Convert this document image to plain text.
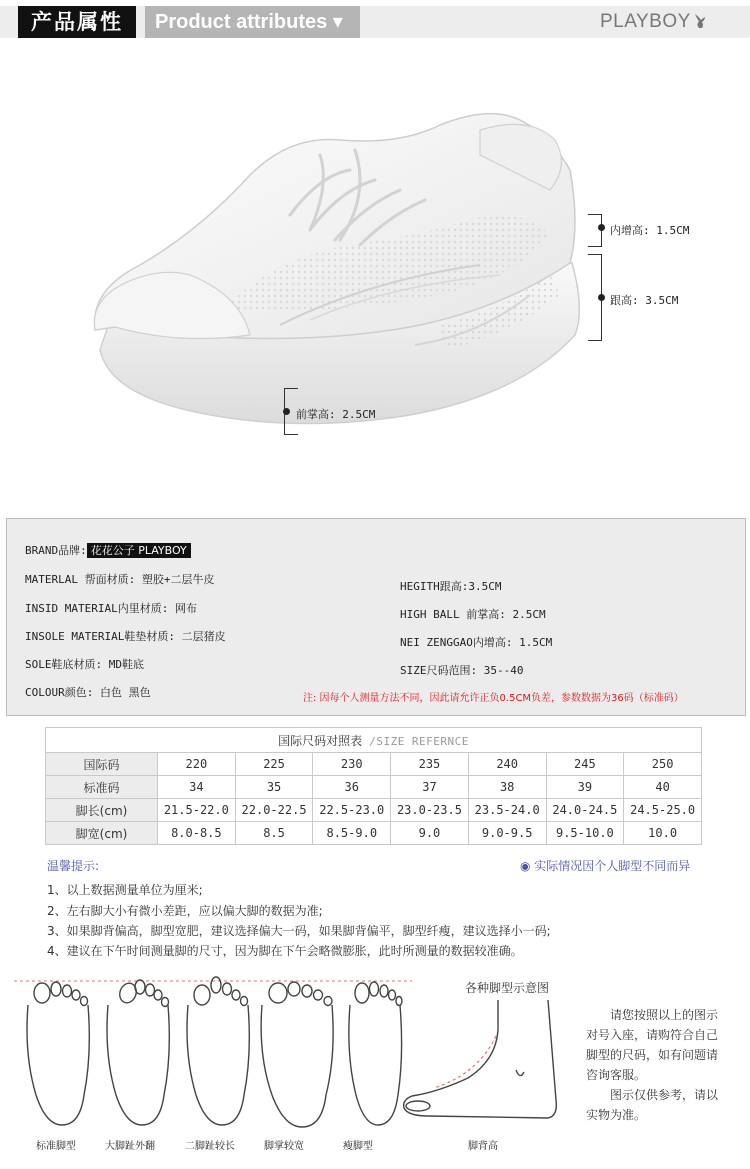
产品属性	Product attributes ▾	PLAYBOY
内增高: 1.5CM
跟高: 3.5CM
前掌高: 2.5CM
BRAND品牌: 花花公子 PLAYBOY
MATERLAL 帮面材质: 塑胶+二层牛皮
INSID MATERIAL内里材质: 网布
INSOLE MATERIAL鞋垫材质: 二层猪皮
SOLE鞋底材质: MD鞋底
COLOUR颜色: 白色 黑色
HEGITH跟高:3.5CM
HIGH BALL 前掌高: 2.5CM
NEI ZENGGAO内增高: 1.5CM
SIZE尺码范围: 35--40
注: 因每个人测量方法不同，因此请允许正负0.5CM负差，参数数据为36码（标准码）
国际尺码对照表 /SIZE REFERNCE							
国际码	220	225	230	235	240	245	250
标准码	34	35	36	37	38	39	40
脚长(cm)	21.5-22.0	22.0-22.5	22.5-23.0	23.0-23.5	23.5-24.0	24.0-24.5	24.5-25.0
脚宽(cm)	8.0-8.5	8.5	8.5-9.0	9.0	9.0-9.5	9.5-10.0	10.0
温馨提示:	◉ 实际情况因个人脚型不同而异
1、以上数据测量单位为厘米;
2、左右脚大小有微小差距，应以偏大脚的数据为准;
3、如果脚背偏高，脚型宽肥，建议选择偏大一码，如果脚背偏平，脚型纤瘦，建议选择小一码;
4、建议在下午时间测量脚的尺寸，因为脚在下午会略微膨胀，此时所测量的数据较准确。
标准脚型	大脚趾外翻	二脚趾较长	脚掌较宽	瘦脚型
各种脚型示意图
脚背高
请您按照以上的图示对号入座，请购符合自己脚型的尺码，如有问题请咨询客服。
图示仅供参考，请以实物为准。
